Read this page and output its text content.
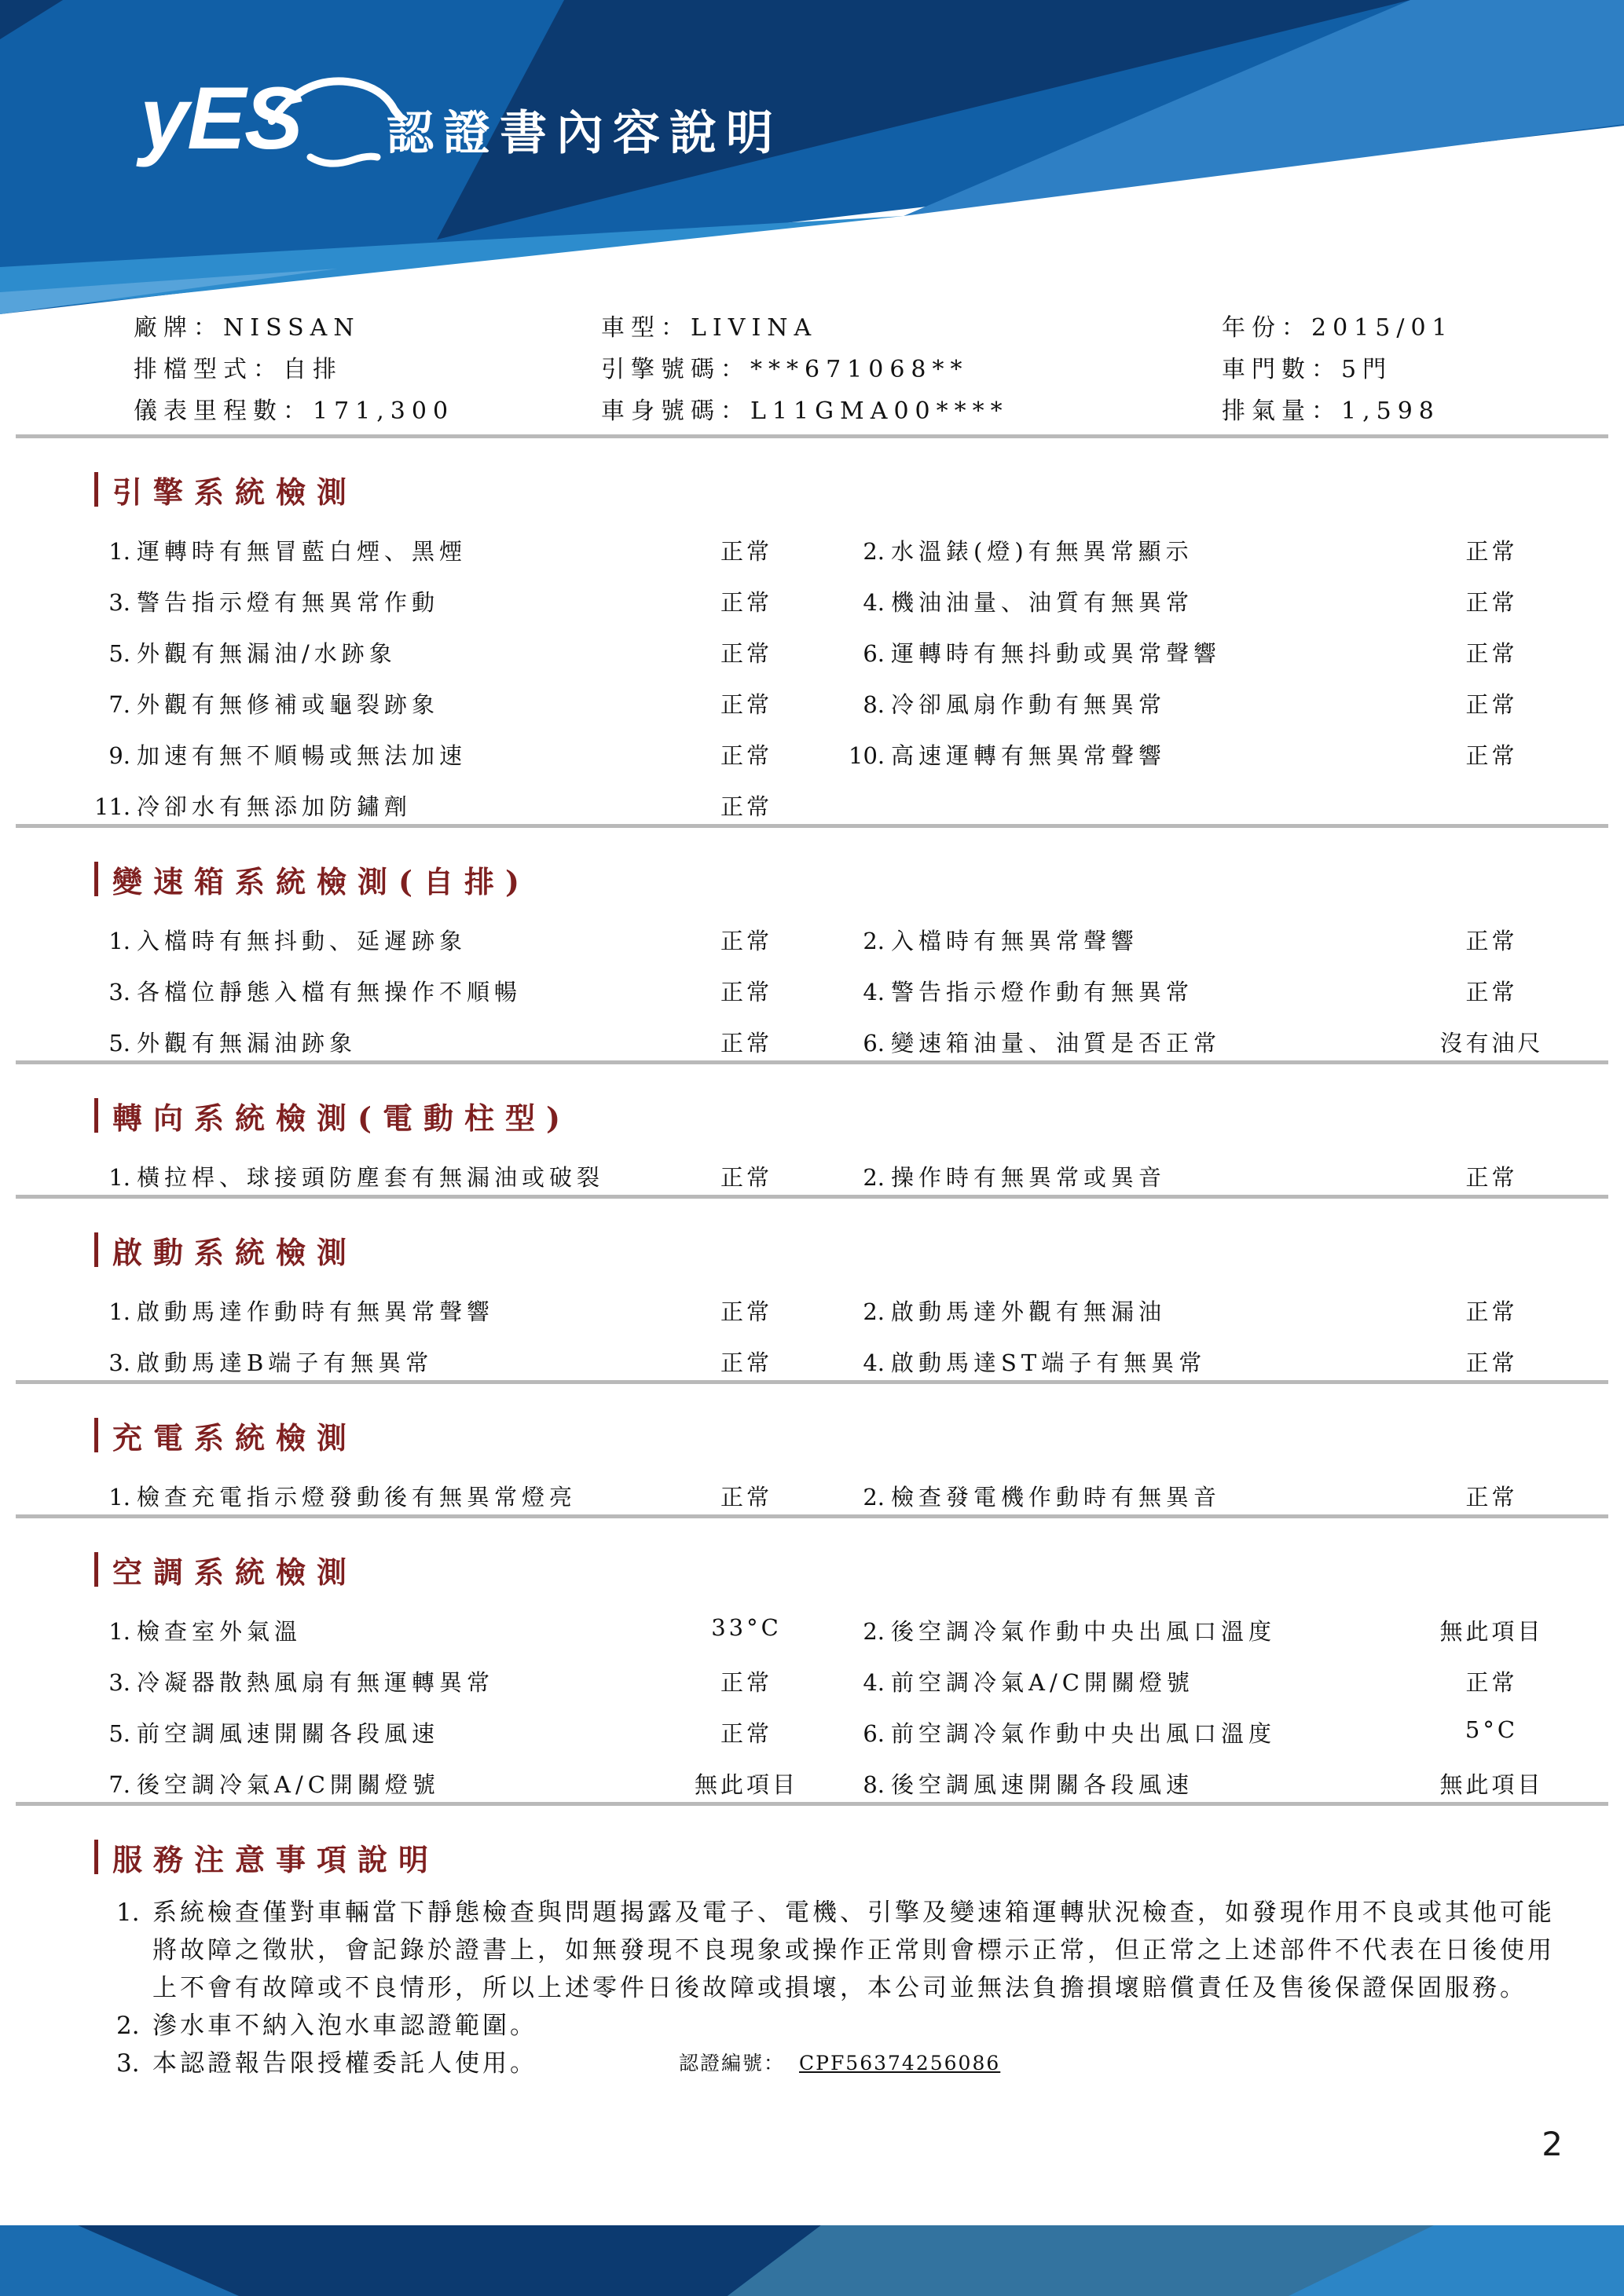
yES	認證書內容說明
廠牌：NISSAN	車型：LIVINA	年份：2015/01
排檔型式：自排	引擎號碼：***671068**	車門數：5門
儀表里程數：171,300	車身號碼：L11GMA00****	排氣量：1,598
引擎系統檢測
1. 運轉時有無冒藍白煙、黑煙	正常	2. 水溫錶(燈)有無異常顯示	正常
3. 警告指示燈有無異常作動	正常	4. 機油油量、油質有無異常	正常
5. 外觀有無漏油/水跡象	正常	6. 運轉時有無抖動或異常聲響	正常
7. 外觀有無修補或龜裂跡象	正常	8. 冷卻風扇作動有無異常	正常
9. 加速有無不順暢或無法加速	正常	10. 高速運轉有無異常聲響	正常
11. 冷卻水有無添加防鏽劑	正常
變速箱系統檢測(自排)
1. 入檔時有無抖動、延遲跡象	正常	2. 入檔時有無異常聲響	正常
3. 各檔位靜態入檔有無操作不順暢	正常	4. 警告指示燈作動有無異常	正常
5. 外觀有無漏油跡象	正常	6. 變速箱油量、油質是否正常	沒有油尺
轉向系統檢測(電動柱型)
1. 橫拉桿、球接頭防塵套有無漏油或破裂	正常	2. 操作時有無異常或異音	正常
啟動系統檢測
1. 啟動馬達作動時有無異常聲響	正常	2. 啟動馬達外觀有無漏油	正常
3. 啟動馬達B端子有無異常	正常	4. 啟動馬達ST端子有無異常	正常
充電系統檢測
1. 檢查充電指示燈發動後有無異常燈亮	正常	2. 檢查發電機作動時有無異音	正常
空調系統檢測
1. 檢查室外氣溫	33°C	2. 後空調冷氣作動中央出風口溫度	無此項目
3. 冷凝器散熱風扇有無運轉異常	正常	4. 前空調冷氣A/C開關燈號	正常
5. 前空調風速開關各段風速	正常	6. 前空調冷氣作動中央出風口溫度	5°C
7. 後空調冷氣A/C開關燈號	無此項目	8. 後空調風速開關各段風速	無此項目
服務注意事項說明
1. 系統檢查僅對車輛當下靜態檢查與問題揭露及電子、電機、引擎及變速箱運轉狀況檢查，如發現作用不良或其他可能將故障之徵狀，會記錄於證書上，如無發現不良現象或操作正常則會標示正常，但正常之上述部件不代表在日後使用上不會有故障或不良情形，所以上述零件日後故障或損壞，本公司並無法負擔損壞賠償責任及售後保證保固服務。
2. 滲水車不納入泡水車認證範圍。
3. 本認證報告限授權委託人使用。	認證編號： CPF56374256086
2
